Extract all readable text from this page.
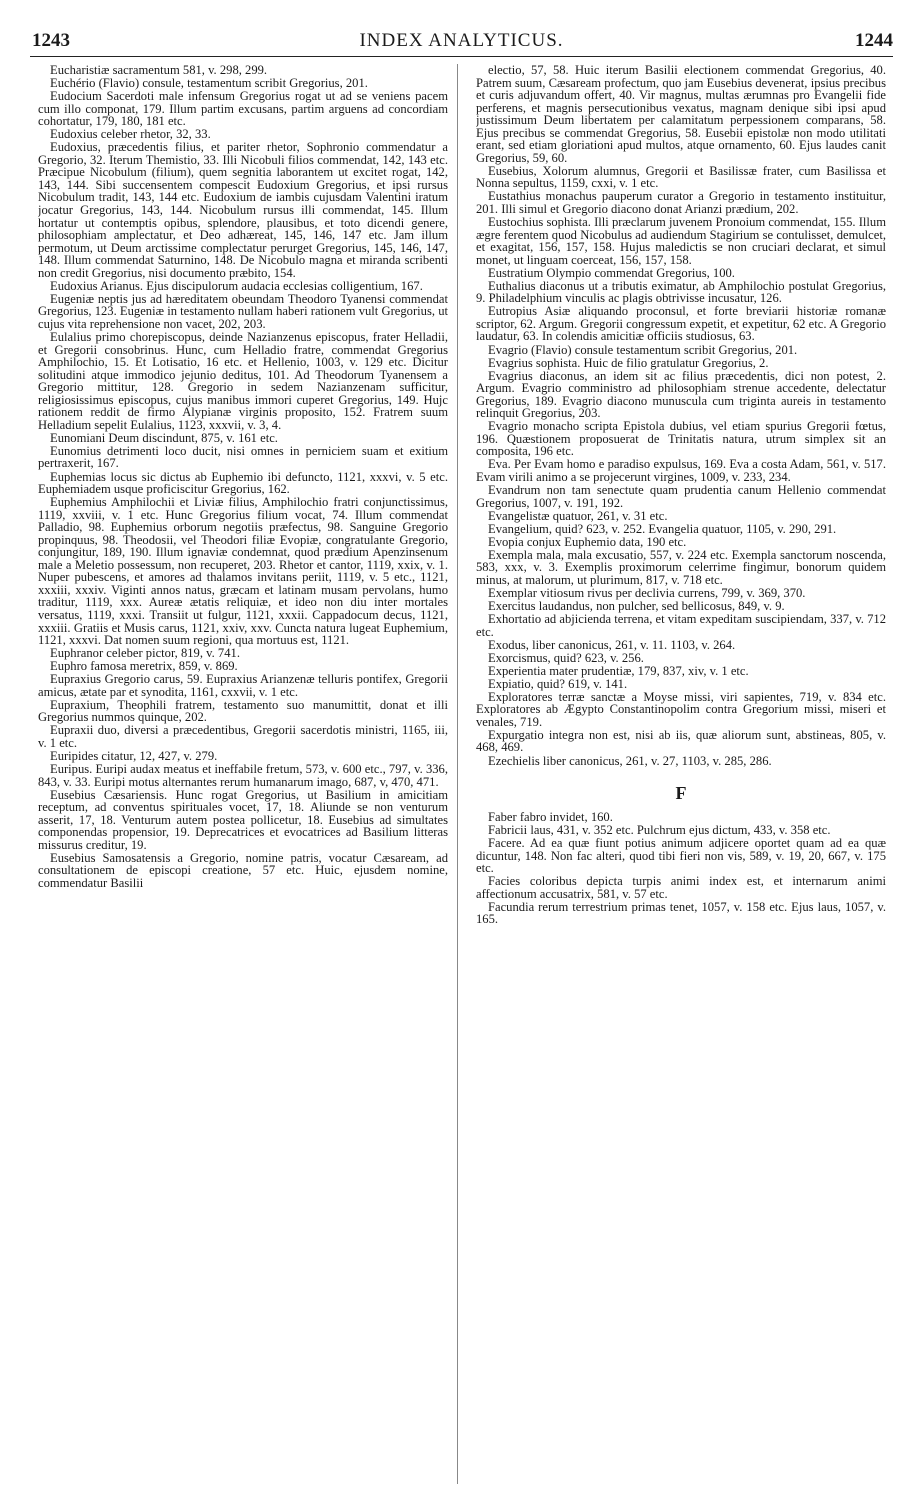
1243	INDEX ANALYTICUS.	1244

Eucharistiæ sacramentum 581, v. 298, 299.

Euchério (Flavio) consule, testamentum scribit Gregorius, 201.

Eudocium Sacerdoti male infensum Gregorius rogat ut ad se veniens pacem cum illo componat, 179. Illum partim excusans, partim arguens ad concordiam cohortatur, 179, 180, 181 etc.

Eudoxius celeber rhetor, 32, 33.

Eudoxius, præcedentis filius, et pariter rhetor, Sophronio commendatur a Gregorio, 32. Iterum Themistio, 33. Illi Nicobuli filios commendat, 142, 143 etc. Præcipue Nicobulum (filium), quem segnitia laborantem ut excitet rogat, 142, 143, 144. Sibi succensentem compescit Eudoxium Gregorius, et ipsi rursus Nicobulum tradit, 143, 144 etc. Eudoxium de iambis cujusdam Valentini iratum jocatur Gregorius, 143, 144. Nicobulum rursus illi commendat, 145. Illum hortatur ut contemptis opibus, splendore, plausibus, et toto dicendi genere, philosophiam amplectatur, et Deo adhæreat, 145, 146, 147 etc. Jam illum permotum, ut Deum arctissime complectatur perurget Gregorius, 145, 146, 147, 148. Illum commendat Saturnino, 148. De Nicobulo magna et miranda scribenti non credit Gregorius, nisi documento præbito, 154.

Eudoxius Arianus. Ejus discipulorum audacia ecclesias colligentium, 167.

Eugeniæ neptis jus ad hæreditatem obeundam Theodoro Tyanensi commendat Gregorius, 123. Eugeniæ in testamento nullam haberi rationem vult Gregorius, ut cujus vita reprehensione non vacet, 202, 203.

Eulalius primo chorepiscopus, deinde Nazianzenus episcopus, frater Helladii, et Gregorii consobrinus. Hunc, cum Helladio fratre, commendat Gregorius Amphilochio, 15. Et Lotisatio, 16 etc. et Hellenio, 1003, v. 129 etc. Dicitur solitudini atque immodico jejunio deditus, 101. Ad Theodorum Tyanensem a Gregorio mittitur, 128. Gregorio in sedem Nazianzenam sufficitur, religiosissimus episcopus, cujus manibus immori cuperet Gregorius, 149. Hujc rationem reddit de firmo Alypianæ virginis proposito, 152. Fratrem suum Helladium sepelit Eulalius, 1123, xxxvii, v. 3, 4.

Eunomiani Deum discindunt, 875, v. 161 etc.

Eunomius detrimenti loco ducit, nisi omnes in perniciem suam et exitium pertraxerit, 167.

Euphemias locus sic dictus ab Euphemio ibi defuncto, 1121, xxxvi, v. 5 etc. Euphemiadem usque proficiscitur Gregorius, 162.

Euphemius Amphilochii et Liviæ filius, Amphilochio fratri conjunctissimus, 1119, xxviii, v. 1 etc. Hunc Gregorius filium vocat, 74. Illum commendat Palladio, 98. Euphemius orborum negotiis præfectus, 98. Sanguine Gregorio propinquus, 98. Theodosii, vel Theodori filiæ Evopiæ, congratulante Gregorio, conjungitur, 189, 190. Illum ignaviæ condemnat, quod prædium Apenzinsenum male a Meletio possessum, non recuperet, 203. Rhetor et cantor, 1119, xxix, v. 1. Nuper pubescens, et amores ad thalamos invitans periit, 1119, v. 5 etc., 1121, xxxiii, xxxiv. Viginti annos natus, græcam et latinam musam pervolans, humo traditur, 1119, xxx. Aureæ ætatis reliquiæ, et ideo non diu inter mortales versatus, 1119, xxxi. Transiit ut fulgur, 1121, xxxii. Cappadocum decus, 1121, xxxiii. Gratiis et Musis carus, 1121, xxiv, xxv. Cuncta natura lugeat Euphemium, 1121, xxxvi. Dat nomen suum regioni, qua mortuus est, 1121.

Euphranor celeber pictor, 819, v. 741.

Euphro famosa meretrix, 859, v. 869.

Eupraxius Gregorio carus, 59. Eupraxius Arianzenæ telluris pontifex, Gregorii amicus, ætate par et synodita, 1161, cxxvii, v. 1 etc.

Eupraxium, Theophili fratrem, testamento suo manumittit, donat et illi Gregorius nummos quinque, 202.

Eupraxii duo, diversi a præcedentibus, Gregorii sacerdotis ministri, 1165, iii, v. 1 etc.

Euripides citatur, 12, 427, v. 279.

Euripus. Euripi audax meatus et ineffabile fretum, 573, v. 600 etc., 797, v. 336, 843, v. 33. Euripi motus alternantes rerum humanarum imago, 687, v, 470, 471.

Eusebius Cæsariensis. Hunc rogat Gregorius, ut Basilium in amicitiam receptum, ad conventus spirituales vocet, 17, 18. Aliunde se non venturum asserit, 17, 18. Venturum autem postea pollicetur, 18. Eusebius ad simultates componendas propensior, 19. Deprecatrices et evocatrices ad Basilium litteras missurus creditur, 19.

Eusebius Samosatensis a Gregorio, nomine patris, vocatur Cæsaream, ad consultationem de episcopi creatione, 57 etc. Huic, ejusdem nomine, commendatur Basilii

electio, 57, 58. Huic iterum Basilii electionem commendat Gregorius, 40. Patrem suum, Cæsaream profectum, quo jam Eusebius devenerat, ipsius precibus et curis adjuvandum offert, 40. Vir magnus, multas ærumnas pro Evangelii fide perferens, et magnis persecutionibus vexatus, magnam denique sibi ipsi apud justissimum Deum libertatem per calamitatum perpessionem comparans, 58. Ejus precibus se commendat Gregorius, 58. Eusebii epistolæ non modo utilitati erant, sed etiam gloriationi apud multos, atque ornamento, 60. Ejus laudes canit Gregorius, 59, 60.

Eusebius, Xolorum alumnus, Gregorii et Basilissæ frater, cum Basilissa et Nonna sepultus, 1159, cxxi, v. 1 etc.

Eustathius monachus pauperum curator a Gregorio in testamento instituitur, 201. Illi simul et Gregorio diacono donat Arianzi prædium, 202.

Eustochius sophista. Illi præclarum juvenem Pronoium commendat, 155. Illum ægre ferentem quod Nicobulus ad audiendum Stagirium se contulisset, demulcet, et exagitat, 156, 157, 158. Hujus maledictis se non cruciari declarat, et simul monet, ut linguam coerceat, 156, 157, 158.

Eustratium Olympio commendat Gregorius, 100.

Euthalius diaconus ut a tributis eximatur, ab Amphilochio postulat Gregorius, 9. Philadelphium vinculis ac plagis obtrivisse incusatur, 126.

Eutropius Asiæ aliquando proconsul, et forte breviarii historiæ romanæ scriptor, 62. Argum. Gregorii congressum expetit, et expetitur, 62 etc. A Gregorio laudatur, 63. In colendis amicitiæ officiis studiosus, 63.

Evagrio (Flavio) consule testamentum scribit Gregorius, 201.

Evagrius sophista. Huic de filio gratulatur Gregorius, 2.

Evagrius diaconus, an idem sit ac filius præcedentis, dici non potest, 2. Argum. Evagrio comministro ad philosophiam strenue accedente, delectatur Gregorius, 189. Evagrio diacono munuscula cum triginta aureis in testamento relinquit Gregorius, 203.

Evagrio monacho scripta Epistola dubius, vel etiam spurius Gregorii fœtus, 196. Quæstionem proposuerat de Trinitatis natura, utrum simplex sit an composita, 196 etc.

Eva. Per Evam homo e paradiso expulsus, 169. Eva a costa Adam, 561, v. 517. Evam virili animo a se projecerunt virgines, 1009, v. 233, 234.

Evandrum non tam senectute quam prudentia canum Hellenio commendat Gregorius, 1007, v. 191, 192.

Evangelistæ quatuor, 261, v. 31 etc.

Evangelium, quid? 623, v. 252. Evangelia quatuor, 1105, v. 290, 291.

Evopia conjux Euphemio data, 190 etc.

Exempla mala, mala excusatio, 557, v. 224 etc. Exempla sanctorum noscenda, 583, xxx, v. 3. Exemplis proximorum celerrime fingimur, bonorum quidem minus, at malorum, ut plurimum, 817, v. 718 etc.

Exemplar vitiosum rivus per declivia currens, 799, v. 369, 370.

Exercitus laudandus, non pulcher, sed bellicosus, 849, v. 9.

Exhortatio ad abjicienda terrena, et vitam expeditam suscipiendam, 337, v. 712 etc.

Exodus, liber canonicus, 261, v. 11. 1103, v. 264.

Exorcismus, quid? 623, v. 256.

Experientia mater prudentiæ, 179, 837, xiv, v. 1 etc.

Expiatio, quid? 619, v. 141.

Exploratores terræ sanctæ a Moyse missi, viri sapientes, 719, v. 834 etc. Exploratores ab Ægypto Constantinopolim contra Gregorium missi, miseri et venales, 719.

Expurgatio integra non est, nisi ab iis, quæ aliorum sunt, abstineas, 805, v. 468, 469.

Ezechielis liber canonicus, 261, v. 27, 1103, v. 285, 286.

F

Faber fabro invidet, 160.

Fabricii laus, 431, v. 352 etc. Pulchrum ejus dictum, 433, v. 358 etc.

Facere. Ad ea quæ fiunt potius animum adjicere oportet quam ad ea quæ dicuntur, 148. Non fac alteri, quod tibi fieri non vis, 589, v. 19, 20, 667, v. 175 etc.

Facies coloribus depicta turpis animi index est, et internarum animi affectionum accusatrix, 581, v. 57 etc.

Facundia rerum terrestrium primas tenet, 1057, v. 158 etc. Ejus laus, 1057, v. 165.
